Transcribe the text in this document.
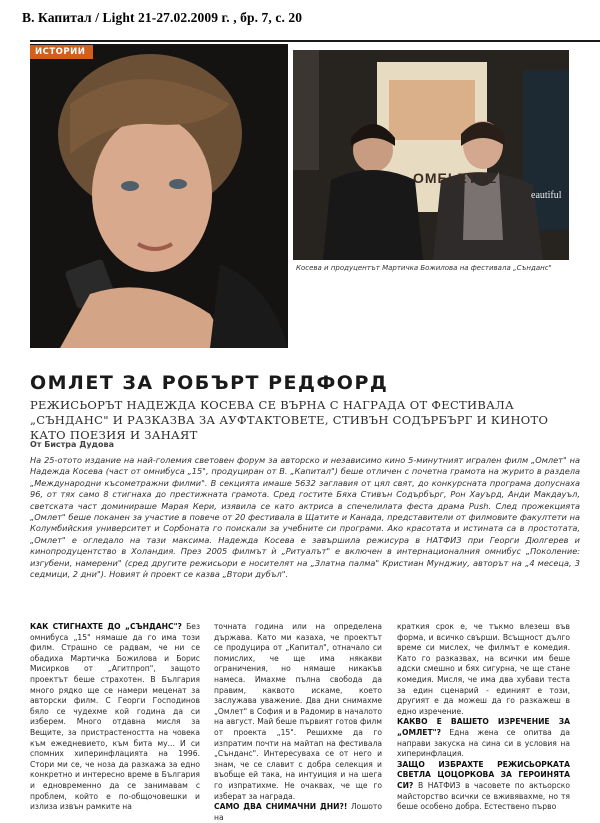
В. Капитал / Light 21-27.02.2009 г. , бр. 7, с. 20
ИСТОРИИ
OMELETTE
eautiful
Косева и продуцентът Мартичка Божилова на фестивала „Сънданс"
ОМЛЕТ ЗА РОБЪРТ РЕДФОРД
РЕЖИСЬОРЪТ НАДЕЖДА КОСЕВА СЕ ВЪРНА С НАГРАДА ОТ ФЕСТИВАЛА „СЪНДАНС" И РАЗКАЗВА ЗА АУФТАКТОВЕТЕ, СТИВЪН СОДЪРБЪРГ И КИНОТО КАТО ПОЕЗИЯ И ЗАНАЯТ
От Бистра Дудова
На 25-отото издание на най-големия световен форум за авторско и независимо кино 5-минутният игрален филм „Омлет" на Надежда Косева (част от омнибуса „15", продуциран от В. „Капитал") беше отличен с почетна грамота на журито в раздела „Международни късометражни филми". В секцията имаше 5632 заглавия от цял свят, до конкурсната програма допуснаха 96, от тях само 8 стигнаха до престижната грамота. Сред гостите Бяха Стивън Содърбърг, Рон Хауърд, Анди Макдауъл, светската част доминираше Марая Кери, изявила се като актриса в спечелилата феста драма Push. След прожекцията „Омлет" беше поканен за участие в повече от 20 фестивала в Щатите и Канада, представители от филмовите факултети на Колумбийския университет и Сорбоната го поискали за учебните си програми. Ако красотата и истината са в простотата, „Омлет" е огледало на тази максима. Надежда Косева е завършила режисура в НАТФИЗ при Георги Дюлгерев и кинопродуцентство в Холандия. През 2005 филмът ѝ „Ритуалът" е включен в интернационалния омнибус „Поколение: изгубени, намерени" (сред другите режисьори е носителят на „Златна палма" Кристиан Мунджиу, авторът на „4 месеца, 3 седмици, 2 дни"). Новият ѝ проект се казва „Втори дубъл".
КАК СТИГНАХТЕ ДО „СЪНДАНС"? Без омнибуса „15" нямаше да го има този филм. Страшно се радвам, че ни се обадиха Мартичка Божилова и Борис Мисирков от „Агитпроп", защото проектът беше страхотен. В България много рядко ще се намери меценат за авторски филм. С Георги Господинов бяло се чудехме кой година да си изберем. Много отдавна мисля за Вещите, за пристрастеността на човека към ежедневието, към бита му... И си спомних хиперинфлацията на 1996. Стори ми се, че ноза да разкажа за едно конкретно и интересно време в България и едновременно да се занимавам с проблем, който е по-общочовешки и излиза извън рамките на
точната година или на определена държава. Като ми казаха, че проектът се продуцира от „Капитал", отначало си помислих, че ще има някакви ограничения, но нямаше никакъв намеса. Имахме пълна свобода да правим, каквото искаме, което заслужава уважение. Два дни снимахме „Омлет" в София и в Радомир в началото на август. Май беше първият готов филм от проекта „15". Решихме да го изпратим почти на майтап на фестивала „Сънданс". Интересувахa се от него и знам, че се славит с добра селекция и въобще ей така, на интуиция и на шега го изпратихме. Не очаквах, че ще го изберат за награда.
САМО ДВА СНИМАЧНИ ДНИ?! Лошото на
краткия срок е, че тъкмо влезеш във форма, и всичко свърши. Всъщност дълго време си мислех, че филмът е комедия. Като го разказвах, на всички им беше адски смешно и бях сигурна, че ще стане комедия. Мисля, че има два хубави теста за един сценарий - единият е този, другият е да можеш да го разкажеш в едно изречение.
КАКВО Е ВАШЕТО ИЗРЕЧЕНИЕ ЗА „ОМЛЕТ"? Една жена се опитва да направи закуска на сина си в условия на хиперинфлация.
ЗАЩО ИЗБРАХТЕ РЕЖИСЬОРКАТА СВЕТЛА ЦОЦОРКОВА ЗА ГЕРОИНЯТА СИ? В НАТФИЗ в часовете по актьорско майсторство всички се вживявахме, но тя беше особено добра. Естествено първо
